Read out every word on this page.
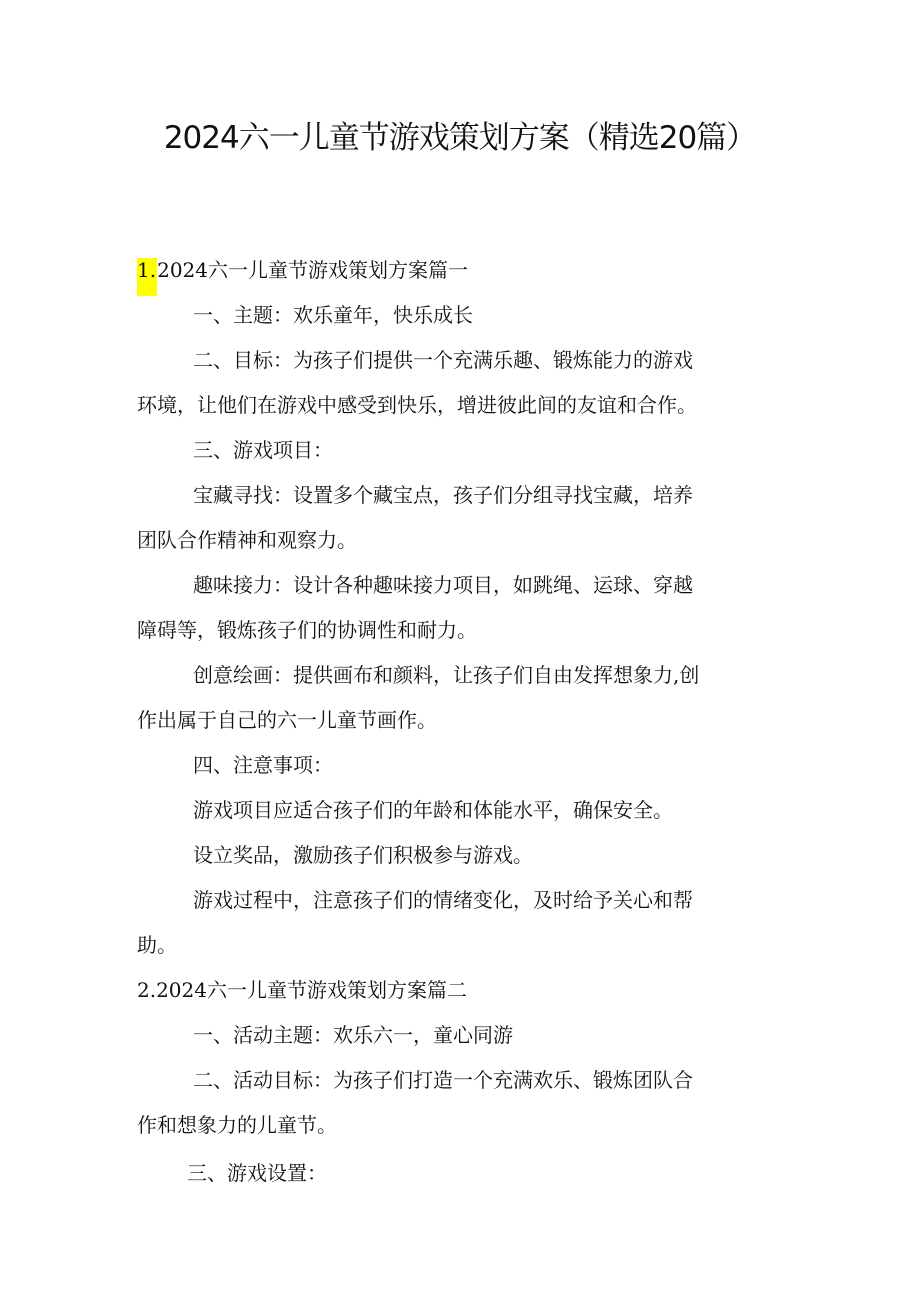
2024六一儿童节游戏策划方案（精选20篇）
1.2024六一儿童节游戏策划方案篇一
一、主题：欢乐童年，快乐成长
二、目标：为孩子们提供一个充满乐趣、锻炼能力的游戏
环境，让他们在游戏中感受到快乐，增进彼此间的友谊和合作。
三、游戏项目：
宝藏寻找：设置多个藏宝点，孩子们分组寻找宝藏，培养
团队合作精神和观察力。
趣味接力：设计各种趣味接力项目，如跳绳、运球、穿越
障碍等，锻炼孩子们的协调性和耐力。
创意绘画：提供画布和颜料，让孩子们自由发挥想象力,创
作出属于自己的六一儿童节画作。
四、注意事项：
游戏项目应适合孩子们的年龄和体能水平，确保安全。
设立奖品，激励孩子们积极参与游戏。
游戏过程中，注意孩子们的情绪变化，及时给予关心和帮
助。
2.2024六一儿童节游戏策划方案篇二
一、活动主题：欢乐六一，童心同游
二、活动目标：为孩子们打造一个充满欢乐、锻炼团队合
作和想象力的儿童节。
三、游戏设置：
